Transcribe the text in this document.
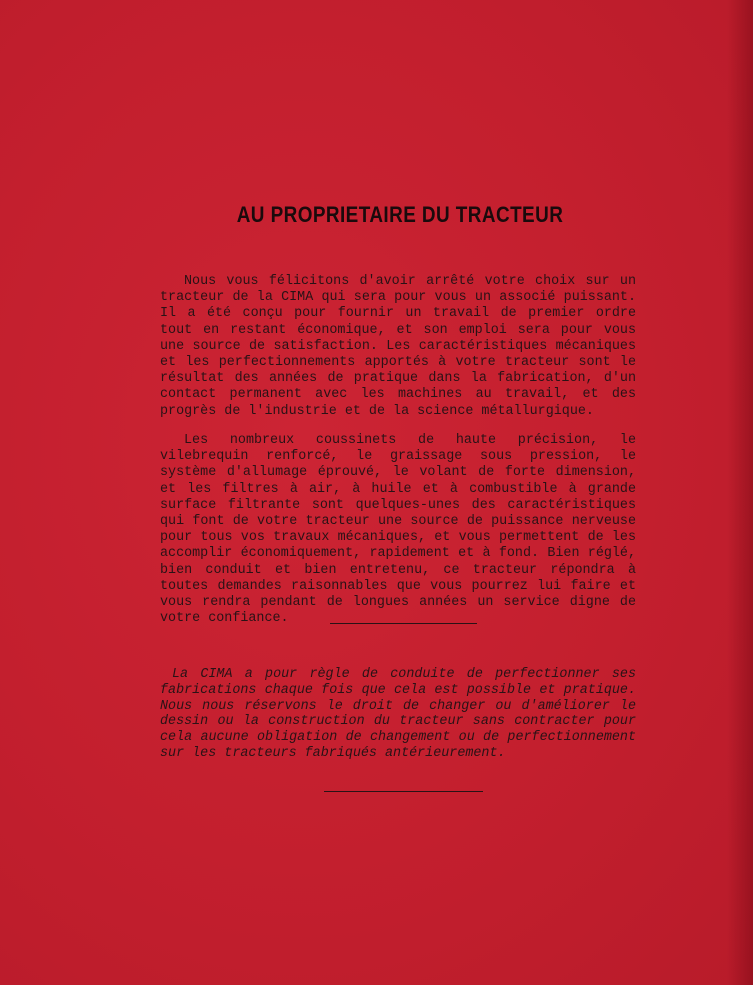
AU PROPRIETAIRE DU TRACTEUR

Nous vous félicitons d'avoir arrêté votre choix sur un tracteur de la CIMA qui sera pour vous un associé puissant. Il a été conçu pour fournir un travail de premier ordre tout en restant économique, et son emploi sera pour vous une source de satisfaction. Les caractéristiques mécaniques et les perfectionnements apportés à votre tracteur sont le résultat des années de pratique dans la fabrication, d'un contact permanent avec les machines au travail, et des progrès de l'industrie et de la science métallurgique.

Les nombreux coussinets de haute précision, le vilebrequin renforcé, le graissage sous pression, le système d'allumage éprouvé, le volant de forte dimension, et les filtres à air, à huile et à combustible à grande surface filtrante sont quelques-unes des caractéristiques qui font de votre tracteur une source de puissance nerveuse pour tous vos travaux mécaniques, et vous permettent de les accomplir économiquement, rapidement et à fond. Bien réglé, bien conduit et bien entretenu, ce tracteur répondra à toutes demandes raisonnables que vous pourrez lui faire et vous rendra pendant de longues années un service digne de votre confiance.

La CIMA a pour règle de conduite de perfectionner ses fabrications chaque fois que cela est possible et pratique. Nous nous réservons le droit de changer ou d'améliorer le dessin ou la construction du tracteur sans contracter pour cela aucune obligation de changement ou de perfectionnement sur les tracteurs fabriqués antérieurement.
